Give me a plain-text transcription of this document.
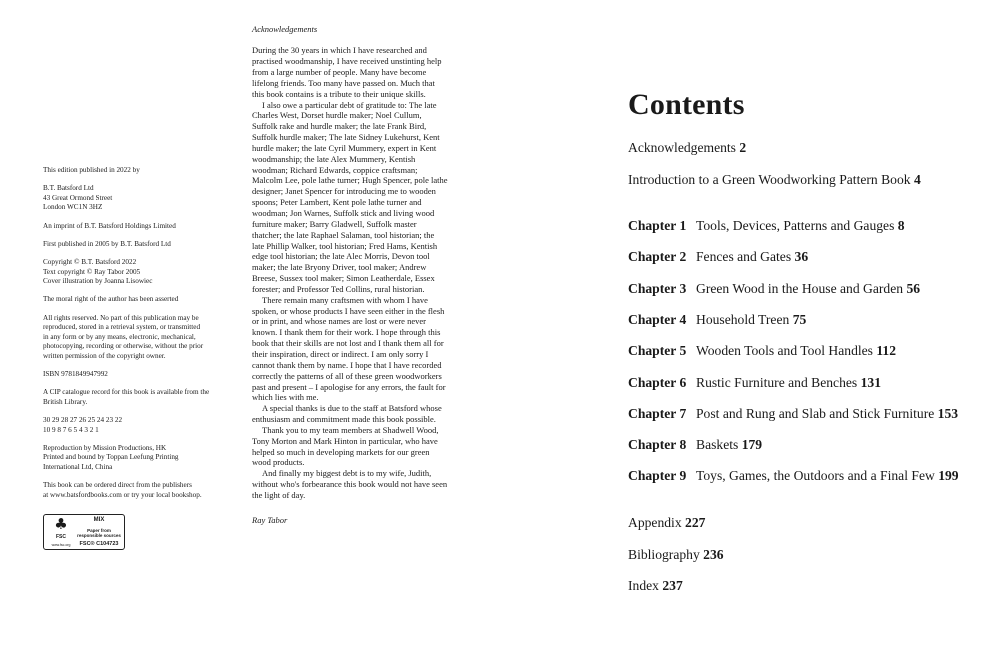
This edition published in 2022 by

B.T. Batsford Ltd
43 Great Ormond Street
London WC1N 3HZ

An imprint of B.T. Batsford Holdings Limited

First published in 2005 by B.T. Batsford Ltd

Copyright © B.T. Batsford 2022
Text copyright © Ray Tabor 2005
Cover illustration by Joanna Lisowiec

The moral right of the author has been asserted

All rights reserved. No part of this publication may be
reproduced, stored in a retrieval system, or transmitted
in any form or by any means, electronic, mechanical,
photocopying, recording or otherwise, without the prior
written permission of the copyright owner.

ISBN 9781849947992

A CIP catalogue record for this book is available from the
British Library.

30 29 28 27 26 25 24 23 22
10 9 8 7 6 5 4 3 2 1

Reproduction by Mission Productions, HK
Printed and bound by Toppan Leefung Printing
International Ltd, China

This book can be ordered direct from the publishers
at www.batsfordbooks.com or try your local bookshop.

♣
FSC
www.fsc.org
MIX
Paper from
responsible sources
FSC® C104723
Acknowledgements

During the 30 years in which I have researched and practised woodmanship, I have received unstinting help from a large number of people. Many have become lifelong friends. Too many have passed on. Much that this book contains is a tribute to their unique skills.

I also owe a particular debt of gratitude to: The late Charles West, Dorset hurdle maker; Noel Cullum, Suffolk rake and hurdle maker; the late Frank Bird, Suffolk hurdle maker; The late Sidney Lukehurst, Kent hurdle maker; the late Cyril Mummery, expert in Kent woodmanship; the late Alex Mummery, Kentish woodman; Richard Edwards, coppice craftsman; Malcolm Lee, pole lathe turner; Hugh Spencer, pole lathe designer; Janet Spencer for introducing me to wooden spoons; Peter Lambert, Kent pole lathe turner and woodman; Jon Warnes, Suffolk stick and living wood furniture maker; Barry Gladwell, Suffolk master thatcher; the late Raphael Salaman, tool historian; the late Phillip Walker, tool historian; Fred Hams, Kentish edge tool historian; the late Alec Morris, Devon tool maker; the late Bryony Driver, tool maker; Andrew Breese, Sussex tool maker; Simon Leatherdale, Essex forester; and Professor Ted Collins, rural historian.

There remain many craftsmen with whom I have spoken, or whose products I have seen either in the flesh or in print, and whose names are lost or were never known. I thank them for their work. I hope through this book that their skills are not lost and I thank them all for their inspiration, direct or indirect. I am only sorry I cannot thank them by name. I hope that I have recorded correctly the patterns of all of these green woodworkers past and present – I apologise for any errors, the fault for which lies with me.

A special thanks is due to the staff at Batsford whose enthusiasm and commitment made this book possible.

Thank you to my team members at Shadwell Wood, Tony Morton and Mark Hinton in particular, who have helped so much in developing markets for our green wood products.

And finally my biggest debt is to my wife, Judith, without who's forbearance this book would not have seen the light of day.

Ray Tabor

Contents
Acknowledgements 2
Introduction to a Green Woodworking Pattern Book 4
Chapter 1 Tools, Devices, Patterns and Gauges 8
Chapter 2 Fences and Gates 36
Chapter 3 Green Wood in the House and Garden 56
Chapter 4 Household Treen 75
Chapter 5 Wooden Tools and Tool Handles 112
Chapter 6 Rustic Furniture and Benches 131
Chapter 7 Post and Rung and Slab and Stick Furniture 153
Chapter 8 Baskets 179
Chapter 9 Toys, Games, the Outdoors and a Final Few 199
Appendix 227
Bibliography 236
Index 237
